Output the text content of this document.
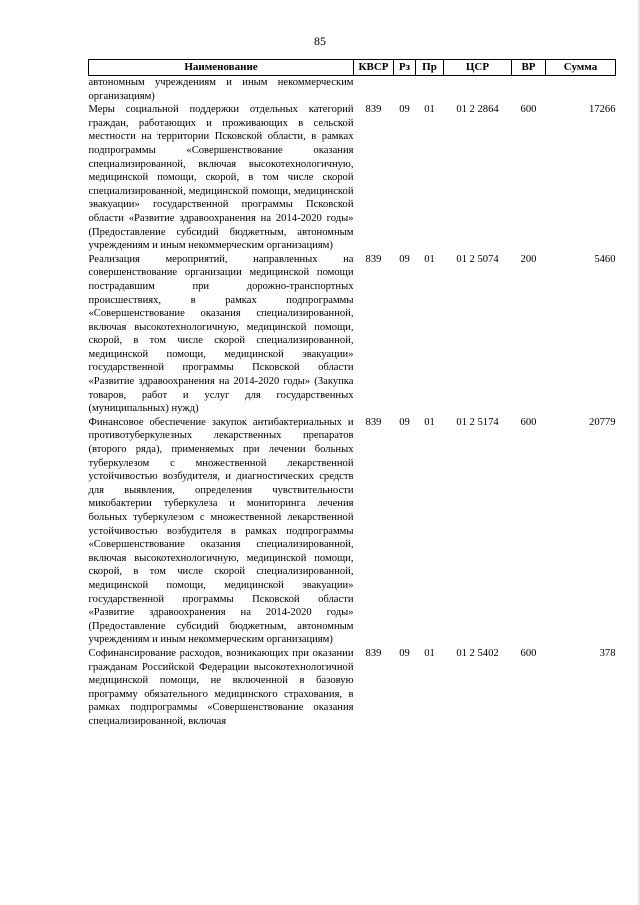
85
Наименование	КВСР	Рз	Пр	ЦСР	ВР	Сумма
автономным учреждениям и иным некоммерческим организациям)						
Меры социальной поддержки отдельных категорий граждан, работающих и проживающих в сельской местности на территории Псковской области, в рамках подпрограммы «Совершенствование оказания специализированной, включая высокотехнологичную, медицинской помощи, скорой, в том числе скорой специализированной, медицинской помощи, медицинской эвакуации» государственной программы Псковской области «Развитие здравоохранения на 2014-2020 годы» (Предоставление субсидий бюджетным, автономным учреждениям и иным некоммерческим организациям)	839	09	01	01 2 2864	600	17266
Реализация мероприятий, направленных на совершенствование организации медицинской помощи пострадавшим при дорожно-транспортных происшествиях, в рамках подпрограммы «Совершенствование оказания специализированной, включая высокотехнологичную, медицинской помощи, скорой, в том числе скорой специализированной, медицинской помощи, медицинской эвакуации» государственной программы Псковской области «Развитие здравоохранения на 2014-2020 годы» (Закупка товаров, работ и услуг для государственных (муниципальных) нужд)	839	09	01	01 2 5074	200	5460
Финансовое обеспечение закупок антибактериальных и противотуберкулезных лекарственных препаратов (второго ряда), применяемых при лечении больных туберкулезом с множественной лекарственной устойчивостью возбудителя, и диагностических средств для выявления, определения чувствительности микобактерии туберкулеза и мониторинга лечения больных туберкулезом с множественной лекарственной устойчивостью возбудителя в рамках подпрограммы «Совершенствование оказания специализированной, включая высокотехнологичную, медицинской помощи, скорой, в том числе скорой специализированной, медицинской помощи, медицинской эвакуации» государственной программы Псковской области «Развитие здравоохранения на 2014-2020 годы» (Предоставление субсидий бюджетным, автономным учреждениям и иным некоммерческим организациям)	839	09	01	01 2 5174	600	20779
Софинансирование расходов, возникающих при оказании гражданам Российской Федерации высокотехнологичной медицинской помощи, не включенной в базовую программу обязательного медицинского страхования, в рамках подпрограммы «Совершенствование оказания специализированной, включая	839	09	01	01 2 5402	600	378
